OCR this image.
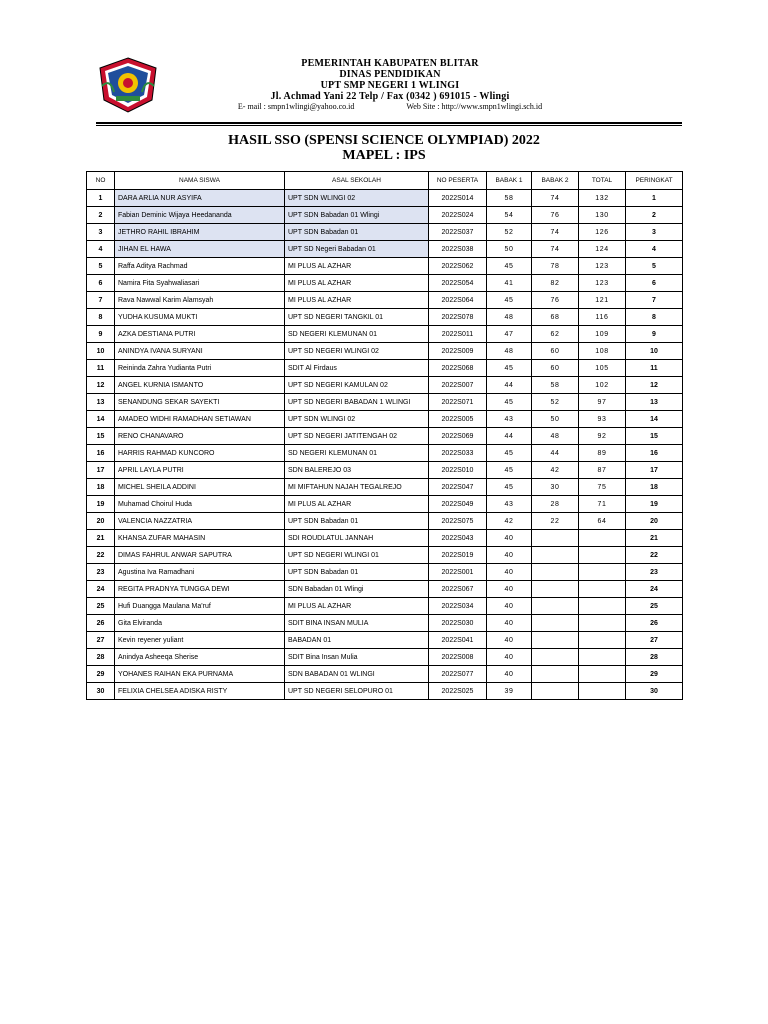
PEMERINTAH KABUPATEN BLITAR
DINAS PENDIDIKAN
UPT SMP NEGERI 1 WLINGI
Jl. Achmad Yani 22 Telp / Fax (0342 ) 691015 - Wlingi
E- mail : smpn1wlingi@yahoo.co.id	Web Site : http://www.smpn1wlingi.sch.id
HASIL SSO (SPENSI SCIENCE OLYMPIAD) 2022
MAPEL : IPS
NO	NAMA SISWA	ASAL SEKOLAH	NO PESERTA	BABAK 1	BABAK 2	TOTAL	PERINGKAT
1	DARA ARLIA NUR ASYIFA	UPT SDN WLINGI 02	2022S014	58	74	132	1
2	Fabian Deminic Wijaya Heedananda	UPT SDN Babadan 01 Wlingi	2022S024	54	76	130	2
3	JETHRO RAHIL IBRAHIM	UPT SDN Babadan 01	2022S037	52	74	126	3
4	JIHAN EL HAWA	UPT SD Negeri Babadan 01	2022S038	50	74	124	4
5	Raffa Aditya Rachmad	MI PLUS AL AZHAR	2022S062	45	78	123	5
6	Namira Fita Syahwaliasari	MI PLUS AL AZHAR	2022S054	41	82	123	6
7	Rava Nawwal Karim Alamsyah	MI PLUS AL AZHAR	2022S064	45	76	121	7
8	YUDHA KUSUMA MUKTI	UPT SD NEGERI TANGKIL 01	2022S078	48	68	116	8
9	AZKA DESTIANA PUTRI	SD NEGERI KLEMUNAN 01	2022S011	47	62	109	9
10	ANINDYA IVANA SURYANI	UPT SD NEGERI WLINGI 02	2022S009	48	60	108	10
11	Reininda Zahra Yudianta Putri	SDIT Al Firdaus	2022S068	45	60	105	11
12	ANGEL KURNIA ISMANTO	UPT SD NEGERI KAMULAN 02	2022S007	44	58	102	12
13	SENANDUNG SEKAR SAYEKTI	UPT SD NEGERI BABADAN 1 WLINGI	2022S071	45	52	97	13
14	AMADEO WIDHI RAMADHAN SETIAWAN	UPT SDN WLINGI 02	2022S005	43	50	93	14
15	RENO CHANAVARO	UPT SD NEGERI JATITENGAH 02	2022S069	44	48	92	15
16	HARRIS RAHMAD KUNCORO	SD NEGERI KLEMUNAN 01	2022S033	45	44	89	16
17	APRIL LAYLA PUTRI	SDN BALEREJO 03	2022S010	45	42	87	17
18	MICHEL SHEILA ADDINI	MI MIFTAHUN NAJAH TEGALREJO	2022S047	45	30	75	18
19	Muhamad Choirul Huda	MI PLUS AL AZHAR	2022S049	43	28	71	19
20	VALENCIA NAZZATRIA	UPT SDN Babadan 01	2022S075	42	22	64	20
21	KHANSA ZUFAR MAHASIN	SDI ROUDLATUL JANNAH	2022S043	40			21
22	DIMAS FAHRUL ANWAR SAPUTRA	UPT SD NEGERI WLINGI 01	2022S019	40			22
23	Agustina Iva Ramadhani	UPT SDN Babadan 01	2022S001	40			23
24	REGITA PRADNYA TUNGGA DEWI	SDN Babadan 01 Wlingi	2022S067	40			24
25	Hufi Duangga Maulana Ma'ruf	MI PLUS AL AZHAR	2022S034	40			25
26	Gita Elviranda	SDIT BINA INSAN MULIA	2022S030	40			26
27	Kevin reyener yuliant	BABADAN 01	2022S041	40			27
28	Anindya Asheeqa Sherise	SDIT Bina Insan Mulia	2022S008	40			28
29	YOHANES RAIHAN EKA PURNAMA	SDN BABADAN 01 WLINGI	2022S077	40			29
30	FELIXIA CHELSEA ADISKA RISTY	UPT SD NEGERI SELOPURO 01	2022S025	39			30
